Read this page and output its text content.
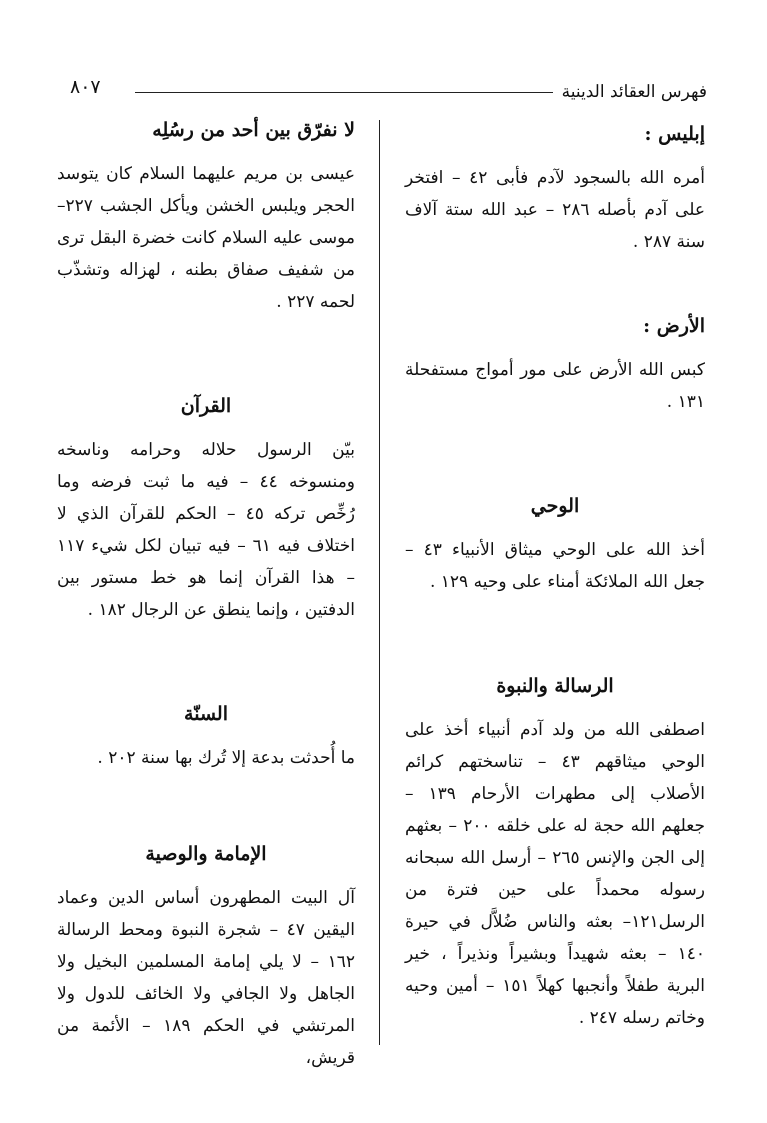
فهرس العقائد الدينية
٨٠٧
إبليس :

أمره الله بالسجود لآدم فأبى ٤٢ – افتخر على آدم بأصله ٢٨٦ – عبد الله ستة آلاف سنة ٢٨٧ .

الأرض :

كبس الله الأرض على مور أمواج مستفحلة ١٣١ .

الوحي

أخذ الله على الوحي ميثاق الأنبياء ٤٣ – جعل الله الملائكة أمناء على وحيه ١٢٩ .

الرسالة والنبوة

اصطفى الله من ولد آدم أنبياء أخذ على الوحي ميثاقهم ٤٣ – تناسختهم كرائم الأصلاب إلى مطهرات الأرحام ١٣٩ – جعلهم الله حجة له على خلقه ٢٠٠ – بعثهم إلى الجن والإنس ٢٦٥ – أرسل الله سبحانه رسوله محمداً على حين فترة من الرسل١٢١– بعثه والناس ضُلاَّل في حيرة ١٤٠ – بعثه شهيداً وبشيراً ونذيراً ، خير البرية طفلاً وأنجبها كهلاً ١٥١ – أمين وحيه وخاتم رسله ٢٤٧ .

لا نفرّق بين أحد من رسُلِه

عيسى بن مريم عليهما السلام كان يتوسد الحجر ويلبس الخشن ويأكل الجشب ٢٢٧– موسى عليه السلام كانت خضرة البقل ترى من شفيف صفاق بطنه ، لهزاله وتشذّب لحمه ٢٢٧ .

القرآن

بيّن الرسول حلاله وحرامه وناسخه ومنسوخه ٤٤ – فيه ما ثبت فرضه وما رُخِّص تركه ٤٥ – الحكم للقرآن الذي لا اختلاف فيه ٦١ – فيه تبيان لكل شيء ١١٧ – هذا القرآن إنما هو خط مستور بين الدفتين ، وإنما ينطق عن الرجال ١٨٢ .

السنّة

ما أُحدثت بدعة إلا تُرك بها سنة ٢٠٢ .

الإمامة والوصية

آل البيت المطهرون أساس الدين وعماد اليقين ٤٧ – شجرة النبوة ومحط الرسالة ١٦٢ – لا يلي إمامة المسلمين البخيل ولا الجاهل ولا الجافي ولا الخائف للدول ولا المرتشي في الحكم ١٨٩ – الأئمة من قريش،
